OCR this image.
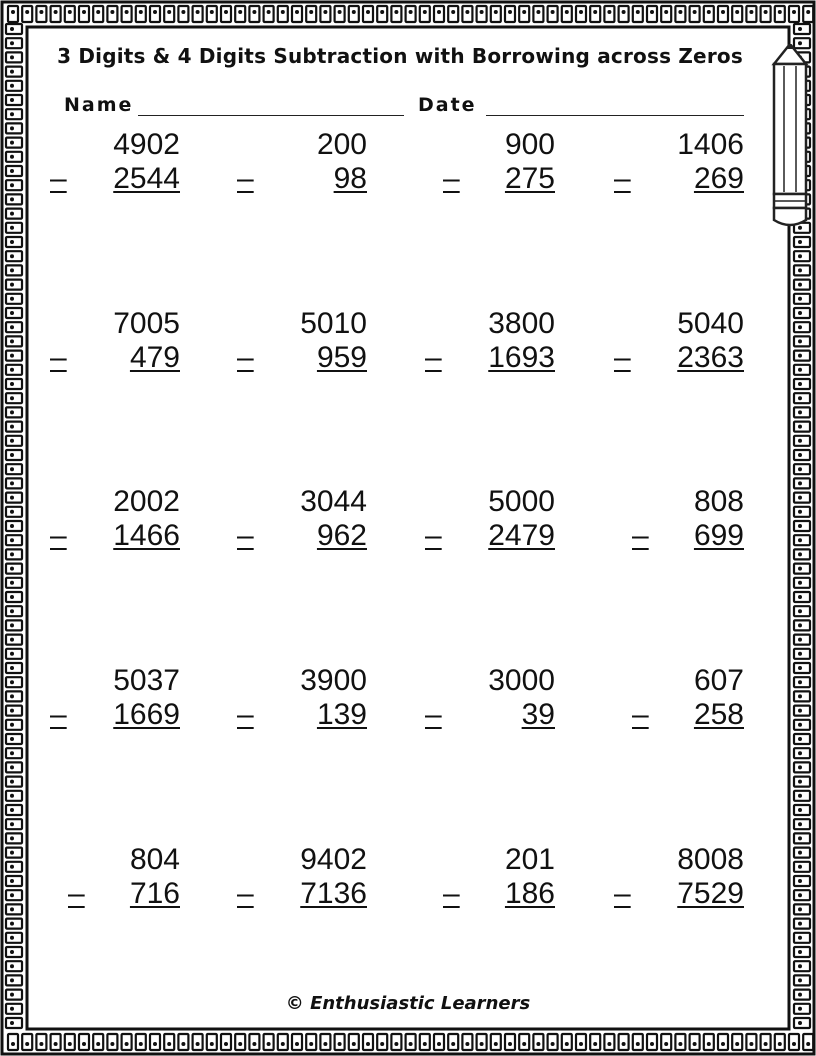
3 Digits & 4 Digits Subtraction with Borrowing across Zeros
Name	Date
4902
– 2544
200
–	98
900
– 275
1406
– 269
7005
– 479
5010
– 959
3800
– 1693
5040
– 2363
2002
– 1466
3044
– 962
5000
– 2479
808
– 699
5037
– 1669
3900
– 139
3000
–	39
607
– 258
804
– 716
9402
– 7136
201
– 186
8008
– 7529
© Enthusiastic Learners
